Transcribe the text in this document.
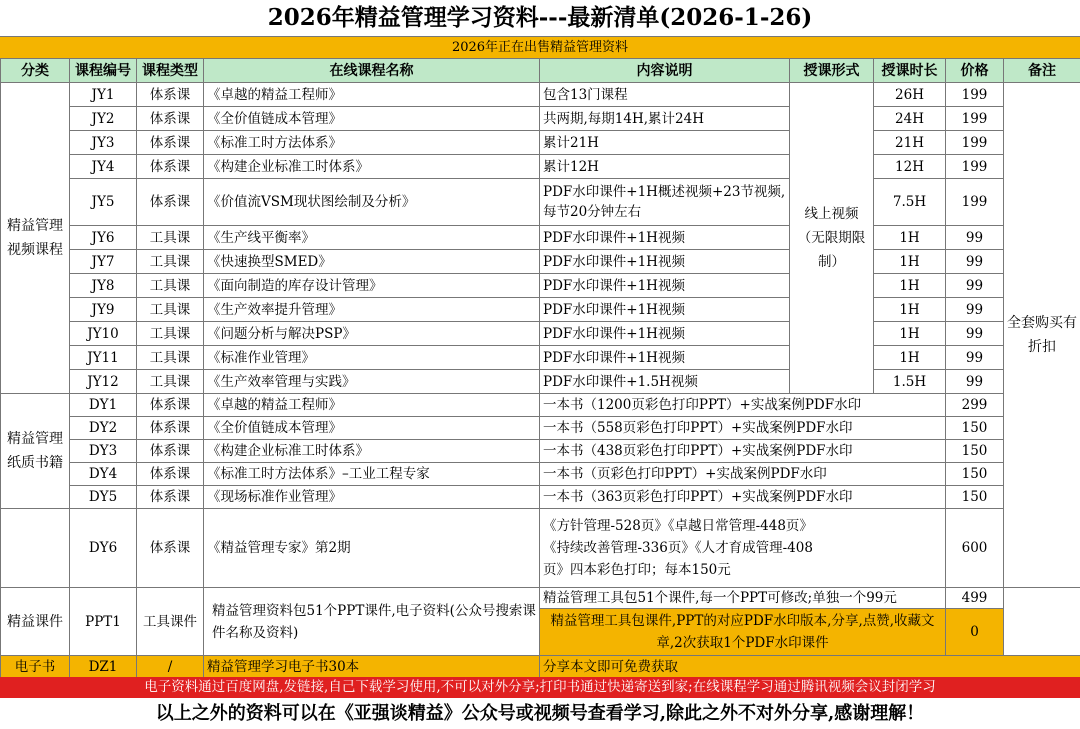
2026年精益管理学习资料---最新清单(2026-1-26)
2026年正在出售精益管理资料
分类	课程编号	课程类型	在线课程名称	内容说明	授课形式	授课时长	价格	备注
精益管理视频课程	JY1	体系课	《卓越的精益工程师》	包含13门课程	线上视频（无限期限制）	26H	199	全套购买有折扣
	JY2	体系课	《全价值链成本管理》	共两期,每期14H,累计24H		24H	199	
	JY3	体系课	《标准工时方法体系》	累计21H		21H	199	
	JY4	体系课	《构建企业标准工时体系》	累计12H		12H	199	
	JY5	体系课	《价值流VSM现状图绘制及分析》	PDF水印课件+1H概述视频+23节视频,每节20分钟左右		7.5H	199	
	JY6	工具课	《生产线平衡率》	PDF水印课件+1H视频		1H	99	
	JY7	工具课	《快速换型SMED》	PDF水印课件+1H视频		1H	99	
	JY8	工具课	《面向制造的库存设计管理》	PDF水印课件+1H视频		1H	99	
	JY9	工具课	《生产效率提升管理》	PDF水印课件+1H视频		1H	99	
	JY10	工具课	《问题分析与解决PSP》	PDF水印课件+1H视频		1H	99	
	JY11	工具课	《标准作业管理》	PDF水印课件+1H视频		1H	99	
	JY12	工具课	《生产效率管理与实践》	PDF水印课件+1.5H视频		1.5H	99	
精益管理纸质书籍	DY1	体系课	《卓越的精益工程师》	一本书（1200页彩色打印PPT）+实战案例PDF水印			299	
	DY2	体系课	《全价值链成本管理》	一本书（558页彩色打印PPT）+实战案例PDF水印			150	
	DY3	体系课	《构建企业标准工时体系》	一本书（438页彩色打印PPT）+实战案例PDF水印			150	
	DY4	体系课	《标准工时方法体系》–工业工程专家	一本书（页彩色打印PPT）+实战案例PDF水印			150	
	DY5	体系课	《现场标准作业管理》	一本书（363页彩色打印PPT）+实战案例PDF水印			150	
	DY6	体系课	《精益管理专家》第2期	《方针管理-528页》《卓越日常管理-448页》《持续改善管理-336页》《人才育成管理-408页》四本彩色打印；每本150元			600	
精益课件	PPT1	工具课件	精益管理资料包51个PPT课件,电子资料(公众号搜索课件名称及资料)	精益管理工具包51个课件,每一个PPT可修改;单独一个99元			499	
				精益管理工具包课件,PPT的对应PDF水印版本,分享,点赞,收藏文章,2次获取1个PDF水印课件			0	
电子书	DZ1	/	精益管理学习电子书30本	分享本文即可免费获取				
电子资料通过百度网盘,发链接,自己下载学习使用,不可以对外分享;打印书通过快递寄送到家;在线课程学习通过腾讯视频会议封闭学习
以上之外的资料可以在《亚强谈精益》公众号或视频号查看学习,除此之外不对外分享,感谢理解！
